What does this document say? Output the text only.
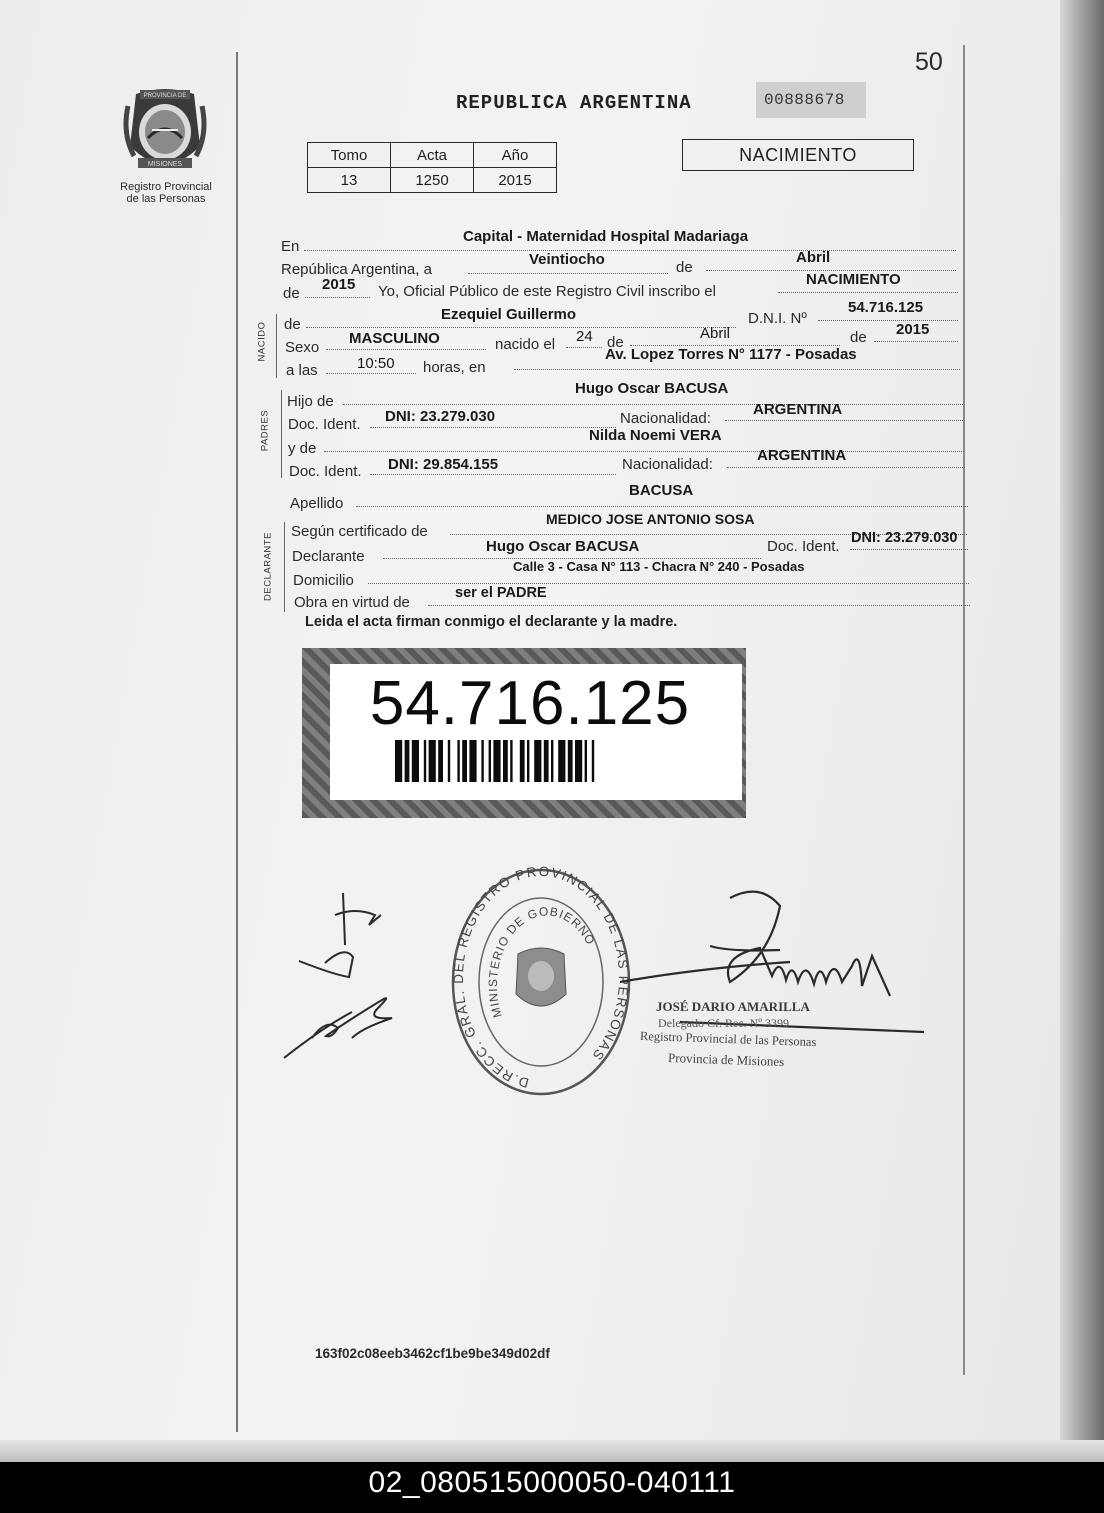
50
PROVINCIA DE
MISIONES
Registro Provincial
de las Personas
REPUBLICA ARGENTINA	00888678
Tomo	Acta	Año
13	1250	2015
NACIMIENTO
En
Capital - Maternidad Hospital Madariaga
República Argentina, a
Veintiocho	de
Abril
de
2015 Yo, Oficial Público de este Registro Civil inscribo el
NACIMIENTO
NACIDO de
Ezequiel Guillermo	D.N.I. Nº
54.716.125
Sexo
MASCULINO	nacido el 24 de
Abril	de 2015
a las	10:50 horas, en
Av. Lopez Torres N° 1177 - Posadas
PADRES
Hijo de
Hugo Oscar BACUSA
Doc. Ident. DNI: 23.279.030	Nacionalidad:
ARGENTINA
y de
Nilda Noemi VERA
Doc. Ident. DNI: 29.854.155	Nacionalidad:
ARGENTINA
Apellido
BACUSA
DECLARANTE
Según certificado de
MEDICO JOSE ANTONIO SOSA
Declarante
Hugo Oscar BACUSA	Doc. Ident. DNI: 23.279.030
Domicilio
Calle 3 - Casa N° 113 - Chacra N° 240 - Posadas
Obra en virtud de
ser el PADRE
Leida el acta firman conmigo el declarante y la madre.
54.716.125
D.RECC. GRAL. DEL REGISTRO PROVINCIAL DE LAS PERSONAS
MINISTERIO DE GOBIERNO
JOSÉ DARIO AMARILLA
Delegado Cf. Rec. Nº 3399
Registro Provincial de las Personas
Provincia de Misiones
163f02c08eeb3462cf1be9be349d02df
02_080515000050-040111
